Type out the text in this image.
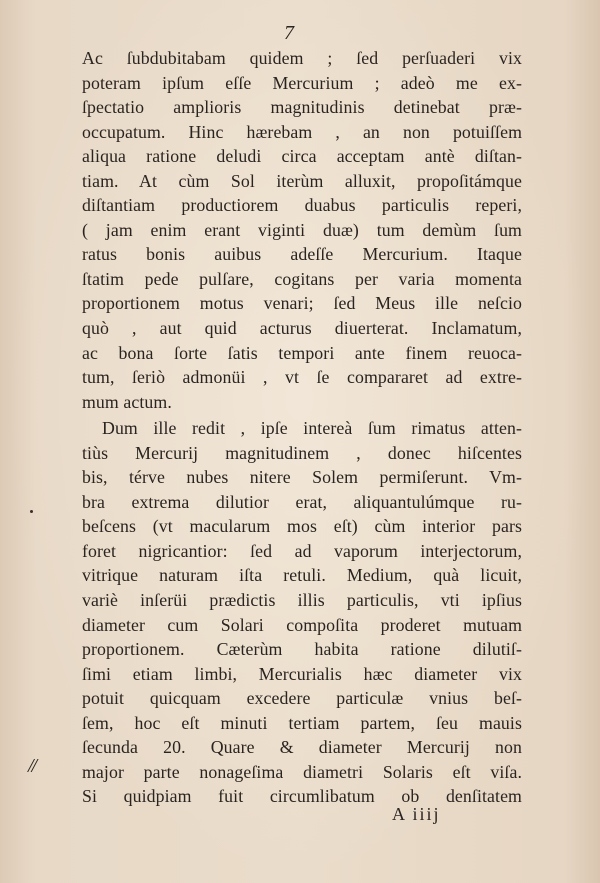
7
Ac ſubdubitabam quidem ; ſed perſuaderi vix
poteram ipſum eſſe Mercurium ; adeò me ex-
ſpectatio amplioris magnitudinis detinebat præ-
occupatum. Hinc hærebam , an non potuiſſem
aliqua ratione deludi circa acceptam antè diſtan-
tiam. At cùm Sol iterùm alluxit, propoſitámque
diſtantiam productiorem duabus particulis reperi,
( jam enim erant viginti duæ) tum demùm ſum
ratus bonis auibus adeſſe Mercurium. Itaque
ſtatim pede pulſare, cogitans per varia momenta
proportionem motus venari; ſed Meus ille neſcio
quò , aut quid acturus diuerterat. Inclamatum,
ac bona ſorte ſatis tempori ante finem reuoca-
tum, ſeriò admonüi , vt ſe compararet ad extre-
mum actum.
Dum ille redit , ipſe intereà ſum rimatus atten-
tiùs Mercurij magnitudinem , donec hiſcentes
bis, térve nubes nitere Solem permiſerunt. Vm-
bra extrema dilutior erat, aliquantulúmque ru-
beſcens (vt macularum mos eſt) cùm interior pars
foret nigricantior: ſed ad vaporum interjectorum,
vitrique naturam iſta retuli. Medium, quà licuit,
variè inſerüi prædictis illis particulis, vti ipſius
diameter cum Solari compoſita proderet mutuam
proportionem. Cæterùm habita ratione dilutiſ-
ſimi etiam limbi, Mercurialis hæc diameter vix
potuit quicquam excedere particulæ vnius beſ-
ſem, hoc eſt minuti tertiam partem, ſeu mauis
ſecunda 20. Quare & diameter Mercurij non
major parte nonageſima diametri Solaris eſt viſa.
Si quidpiam fuit circumlibatum ob denſitatem
//
A iiij
